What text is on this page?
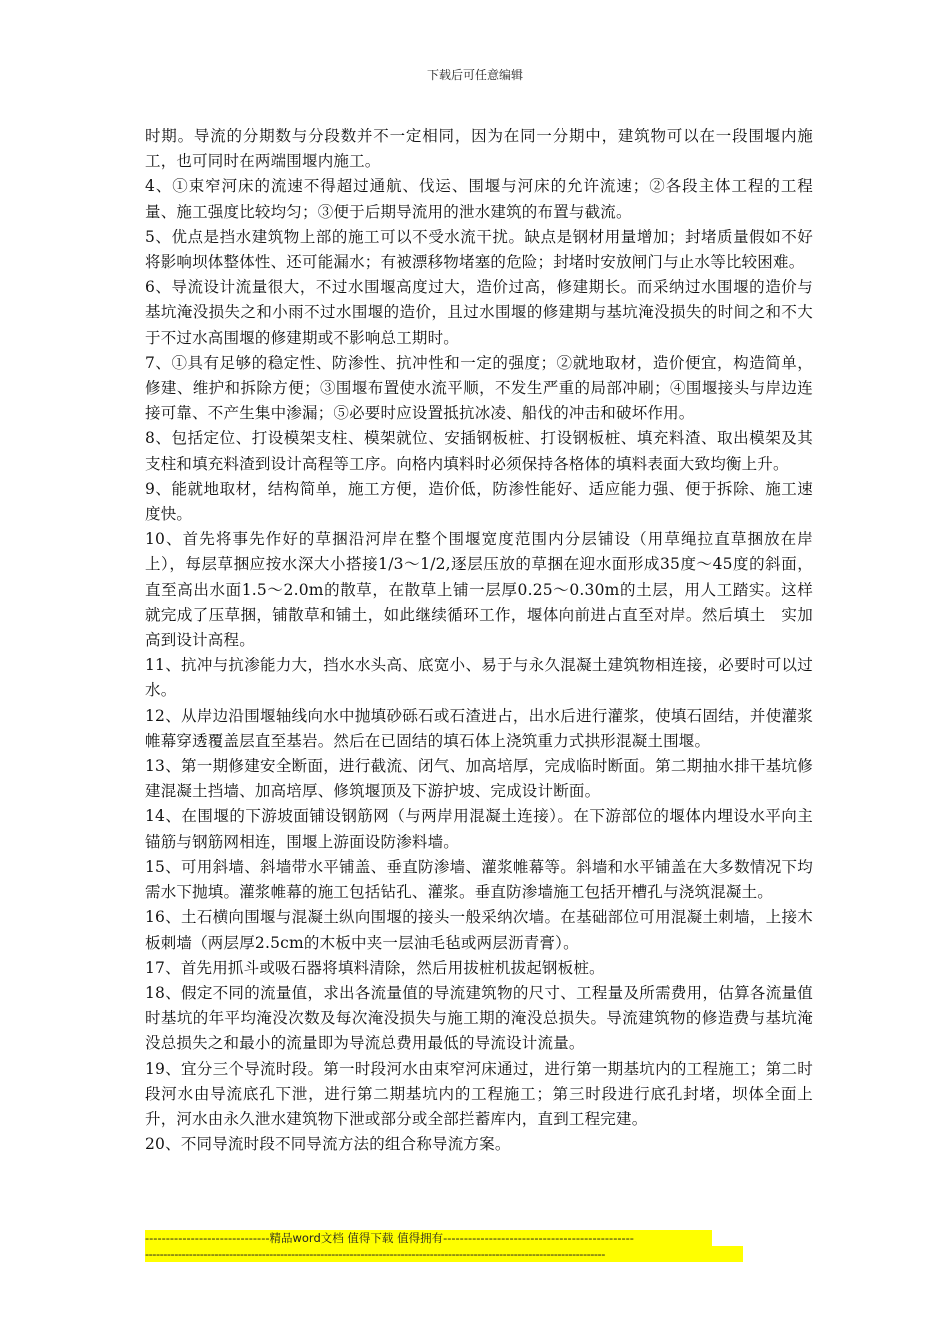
下载后可任意编辑

时期。导流的分期数与分段数并不一定相同，因为在同一分期中，建筑物可以在一段围堰内施工，也可同时在两端围堰内施工。

4、①束窄河床的流速不得超过通航、伐运、围堰与河床的允许流速；②各段主体工程的工程量、施工强度比较均匀；③便于后期导流用的泄水建筑的布置与截流。

5、优点是挡水建筑物上部的施工可以不受水流干扰。缺点是钢材用量增加；封堵质量假如不好将影响坝体整体性、还可能漏水；有被漂移物堵塞的危险；封堵时安放闸门与止水等比较困难。

6、导流设计流量很大，不过水围堰高度过大，造价过高，修建期长。而采纳过水围堰的造价与基坑淹没损失之和小雨不过水围堰的造价，且过水围堰的修建期与基坑淹没损失的时间之和不大于不过水高围堰的修建期或不影响总工期时。

7、①具有足够的稳定性、防渗性、抗冲性和一定的强度；②就地取材，造价便宜，构造简单，修建、维护和拆除方便；③围堰布置使水流平顺，不发生严重的局部冲刷；④围堰接头与岸边连接可靠、不产生集中渗漏；⑤必要时应设置抵抗冰凌、船伐的冲击和破坏作用。

8、包括定位、打设模架支柱、模架就位、安插钢板桩、打设钢板桩、填充料渣、取出模架及其支柱和填充料渣到设计高程等工序。向格内填料时必须保持各格体的填料表面大致均衡上升。

9、能就地取材，结构简单，施工方便，造价低，防渗性能好、适应能力强、便于拆除、施工速度快。

10、首先将事先作好的草捆沿河岸在整个围堰宽度范围内分层铺设（用草绳拉直草捆放在岸上），每层草捆应按水深大小搭接1/3～1/2,逐层压放的草捆在迎水面形成35度～45度的斜面，直至高出水面1.5～2.0m的散草，在散草上铺一层厚0.25～0.30m的土层，用人工踏实。这样就完成了压草捆，铺散草和铺土，如此继续循环工作，堰体向前进占直至对岸。然后填土　实加高到设计高程。

11、抗冲与抗渗能力大，挡水水头高、底宽小、易于与永久混凝土建筑物相连接，必要时可以过水。

12、从岸边沿围堰轴线向水中抛填砂砾石或石渣进占，出水后进行灌浆，使填石固结，并使灌浆帷幕穿透覆盖层直至基岩。然后在已固结的填石体上浇筑重力式拱形混凝土围堰。

13、第一期修建安全断面，进行截流、闭气、加高培厚，完成临时断面。第二期抽水排干基坑修建混凝土挡墙、加高培厚、修筑堰顶及下游护坡、完成设计断面。

14、在围堰的下游坡面铺设钢筋网（与两岸用混凝土连接）。在下游部位的堰体内埋设水平向主锚筋与钢筋网相连，围堰上游面设防渗料墙。

15、可用斜墙、斜墙带水平铺盖、垂直防渗墙、灌浆帷幕等。斜墙和水平铺盖在大多数情况下均需水下抛填。灌浆帷幕的施工包括钻孔、灌浆。垂直防渗墙施工包括开槽孔与浇筑混凝土。

16、土石横向围堰与混凝土纵向围堰的接头一般采纳次墙。在基础部位可用混凝土刺墙，上接木板刺墙（两层厚2.5cm的木板中夹一层油毛毡或两层沥青膏）。

17、首先用抓斗或吸石器将填料清除，然后用拔桩机拔起钢板桩。

18、假定不同的流量值，求出各流量值的导流建筑物的尺寸、工程量及所需费用，估算各流量值时基坑的年平均淹没次数及每次淹没损失与施工期的淹没总损失。导流建筑物的修造费与基坑淹没总损失之和最小的流量即为导流总费用最低的导流设计流量。

19、宜分三个导流时段。第一时段河水由束窄河床通过，进行第一期基坑内的工程施工；第二时段河水由导流底孔下泄，进行第二期基坑内的工程施工；第三时段进行底孔封堵，坝体全面上升，河水由永久泄水建筑物下泄或部分或全部拦蓄库内，直到工程完建。

20、不同导流时段不同导流方法的组合称导流方案。

------------------------------精品word文档 值得下载 值得拥有----------------------------------------------
------------------------------------------------------------------------------------------------------------------------------
